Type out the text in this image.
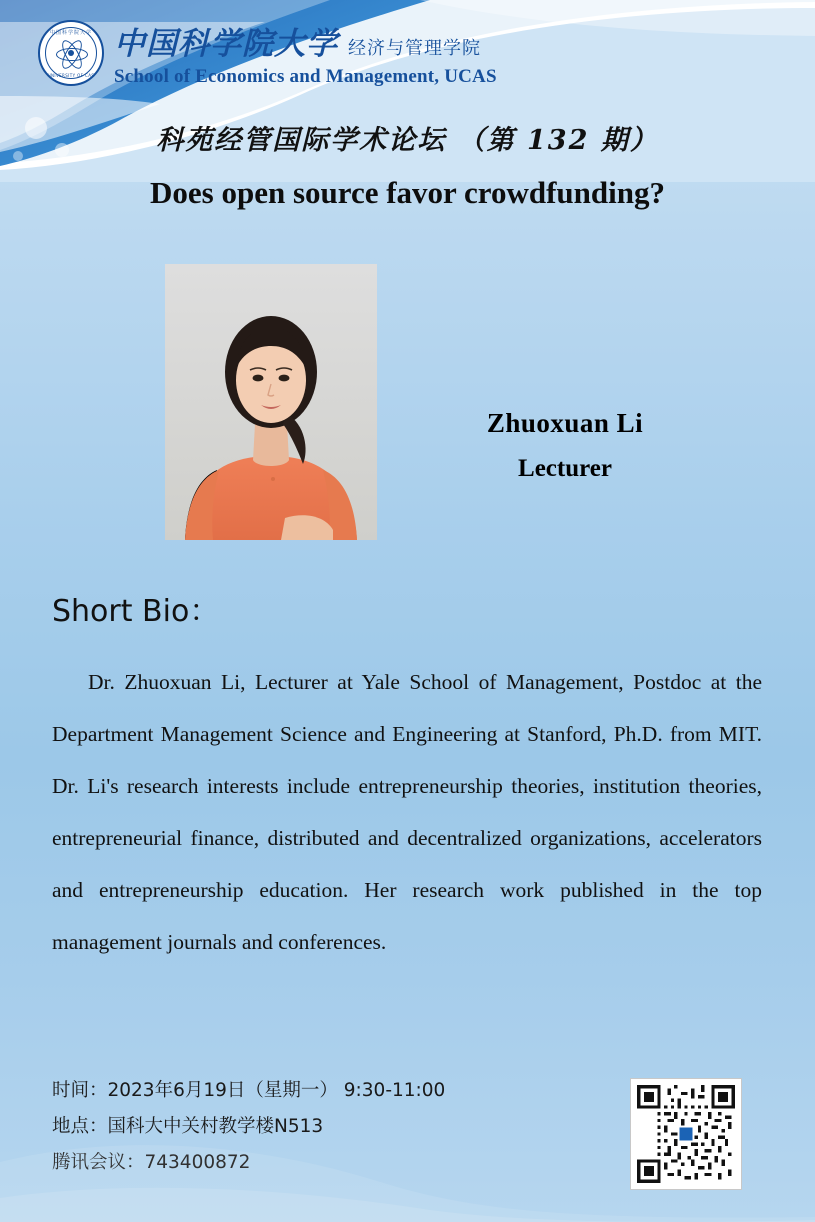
中国科学院大学
UNIVERSITY OF CAS
中国科学院大学 经济与管理学院
School of Economics and Management, UCAS
科苑经管国际学术论坛 （第 132 期）
Does open source favor crowdfunding?
Zhuoxuan Li
Lecturer
Short Bio：
Dr. Zhuoxuan Li, Lecturer at Yale School of Management, Postdoc at the Department Management Science and Engineering at Stanford, Ph.D. from MIT. Dr. Li's research interests include entrepreneurship theories, institution theories, entrepreneurial finance, distributed and decentralized organizations, accelerators and entrepreneurship education. Her research work published in the top management journals and conferences.
时间：2023年6月19日（星期一） 9:30-11:00
地点：国科大中关村教学楼N513
腾讯会议：743400872
